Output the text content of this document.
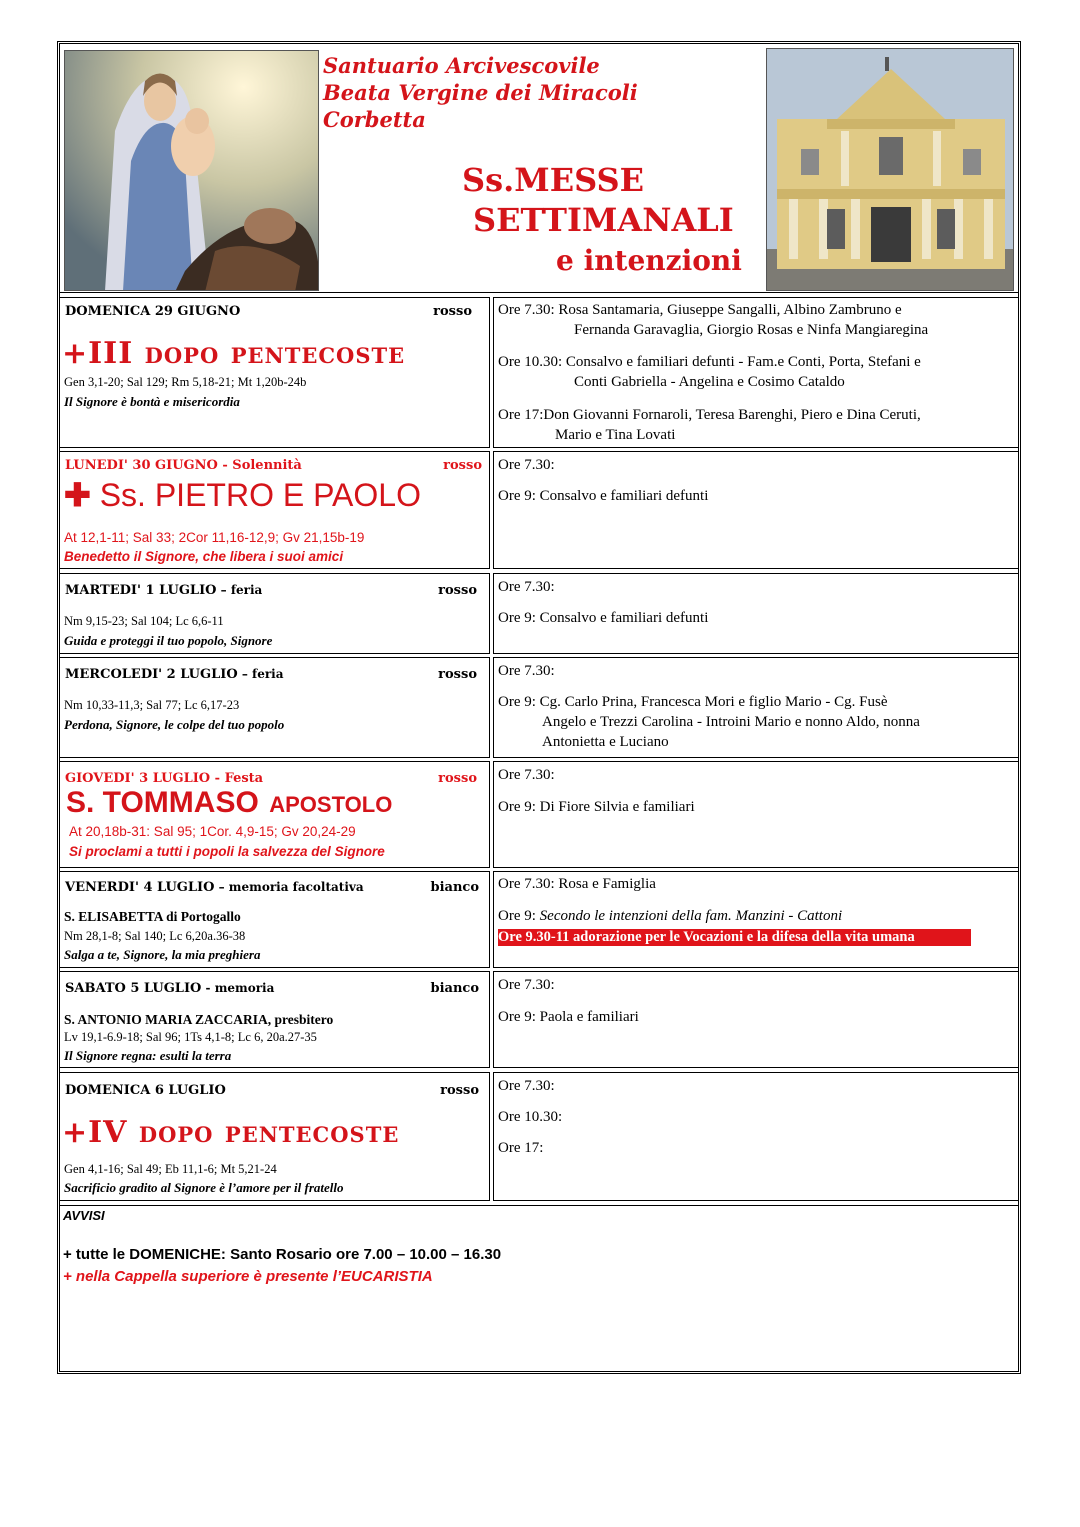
Santuario Arcivescovile
Beata Vergine dei Miracoli
Corbetta
Ss.MESSE
SETTIMANALI
e intenzioni
DOMENICA 29 GIUGNO	rosso
+III dopo pentecoste
Gen 3,1-20; Sal 129; Rm 5,18-21; Mt 1,20b-24b
Il Signore è bontà e misericordia
Ore 7.30: Rosa Santamaria, Giuseppe Sangalli, Albino Zambruno e
Fernanda Garavaglia, Giorgio Rosas e Ninfa Mangiaregina
Ore 10.30: Consalvo e familiari defunti - Fam.e Conti, Porta, Stefani e
Conti Gabriella - Angelina e Cosimo Cataldo
Ore 17:Don Giovanni Fornaroli, Teresa Barenghi, Piero e Dina Ceruti,
Mario e Tina Lovati
LUNEDI' 30 GIUGNO - Solennità	rosso
✚ Ss. PIETRO E PAOLO
At 12,1-11; Sal 33; 2Cor 11,16-12,9; Gv 21,15b-19
Benedetto il Signore, che libera i suoi amici
Ore 7.30:
Ore 9: Consalvo e familiari defunti
MARTEDI' 1 LUGLIO – feria	rosso
Nm 9,15-23; Sal 104; Lc 6,6-11
Guida e proteggi il tuo popolo, Signore
Ore 7.30:
Ore 9: Consalvo e familiari defunti
MERCOLEDI' 2 LUGLIO – feria	rosso
Nm 10,33-11,3; Sal 77; Lc 6,17-23
Perdona, Signore, le colpe del tuo popolo
Ore 7.30:
Ore 9: Cg. Carlo Prina, Francesca Mori e figlio Mario - Cg. Fusè
Angelo e Trezzi Carolina - Introini Mario e nonno Aldo, nonna
Antonietta e Luciano
GIOVEDI' 3 LUGLIO - Festa	rosso
S. TOMMASO APOSTOLO
At 20,18b-31: Sal 95; 1Cor. 4,9-15; Gv 20,24-29
Si proclami a tutti i popoli la salvezza del Signore
Ore 7.30:
Ore 9: Di Fiore Silvia e familiari
VENERDI' 4 LUGLIO – memoria facoltativa	bianco
S. ELISABETTA di Portogallo
Nm 28,1-8; Sal 140; Lc 6,20a.36-38
Salga a te, Signore, la mia preghiera
Ore 7.30: Rosa e Famiglia
Ore 9: Secondo le intenzioni della fam. Manzini - Cattoni
Ore 9.30-11 adorazione per le Vocazioni e la difesa della vita umana
SABATO 5 LUGLIO - memoria	bianco
S. ANTONIO MARIA ZACCARIA, presbitero
Lv 19,1-6.9-18; Sal 96; 1Ts 4,1-8; Lc 6, 20a.27-35
Il Signore regna: esulti la terra
Ore 7.30:
Ore 9: Paola e familiari
DOMENICA 6 LUGLIO	rosso
+IV dopo pentecoste
Gen 4,1-16; Sal 49; Eb 11,1-6; Mt 5,21-24
Sacrificio gradito al Signore è l’amore per il fratello
Ore 7.30:
Ore 10.30:
Ore 17:
AVVISI
+ tutte le DOMENICHE: Santo Rosario ore 7.00 – 10.00 – 16.30
+ nella Cappella superiore è presente l’EUCARISTIA
